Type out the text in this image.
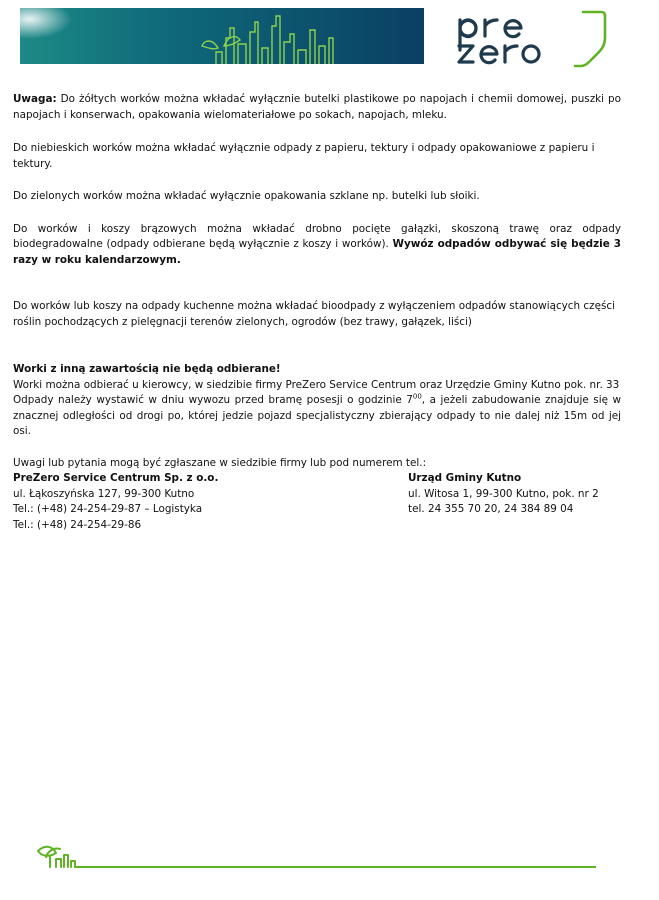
Uwaga: Do żółtych worków można wkładać wyłącznie butelki plastikowe po napojach i chemii domowej, puszki po napojach i konserwach, opakowania wielomateriałowe po sokach, napojach, mleku.

Do niebieskich worków można wkładać wyłącznie odpady z papieru, tektury i odpady opakowaniowe z papieru i tektury.

Do zielonych worków można wkładać wyłącznie opakowania szklane np. butelki lub słoiki.

Do worków i koszy brązowych można wkładać drobno pocięte gałązki, skoszoną trawę oraz odpady biodegradowalne (odpady odbierane będą wyłącznie z koszy i worków). Wywóz odpadów odbywać się będzie 3 razy w roku kalendarzowym.

Do worków lub koszy na odpady kuchenne można wkładać bioodpady z wyłączeniem odpadów stanowiących części roślin pochodzących z pielęgnacji terenów zielonych, ogrodów (bez trawy, gałązek, liści)

Worki z inną zawartością nie będą odbierane!

Worki można odbierać u kierowcy, w siedzibie firmy PreZero Service Centrum oraz Urzędzie Gminy Kutno pok. nr. 33

Odpady należy wystawić w dniu wywozu przed bramę posesji o godzinie $7^{00}$, a jeżeli zabudowanie znajduje się w znacznej odległości od drogi po, której jedzie pojazd specjalistyczny zbierający odpady to nie dalej niż 15m od jej osi.

Uwagi lub pytania mogą być zgłaszane w siedzibie firmy lub pod numerem tel.:

PreZero Service Centrum Sp. z o.o.

ul. Łąkoszyńska 127, 99-300 Kutno

Tel.: (+48) 24-254-29-87 – Logistyka

Tel.: (+48) 24-254-29-86

Urząd Gminy Kutno

ul. Witosa 1, 99-300 Kutno, pok. nr 2

tel. 24 355 70 20, 24 384 89 04
